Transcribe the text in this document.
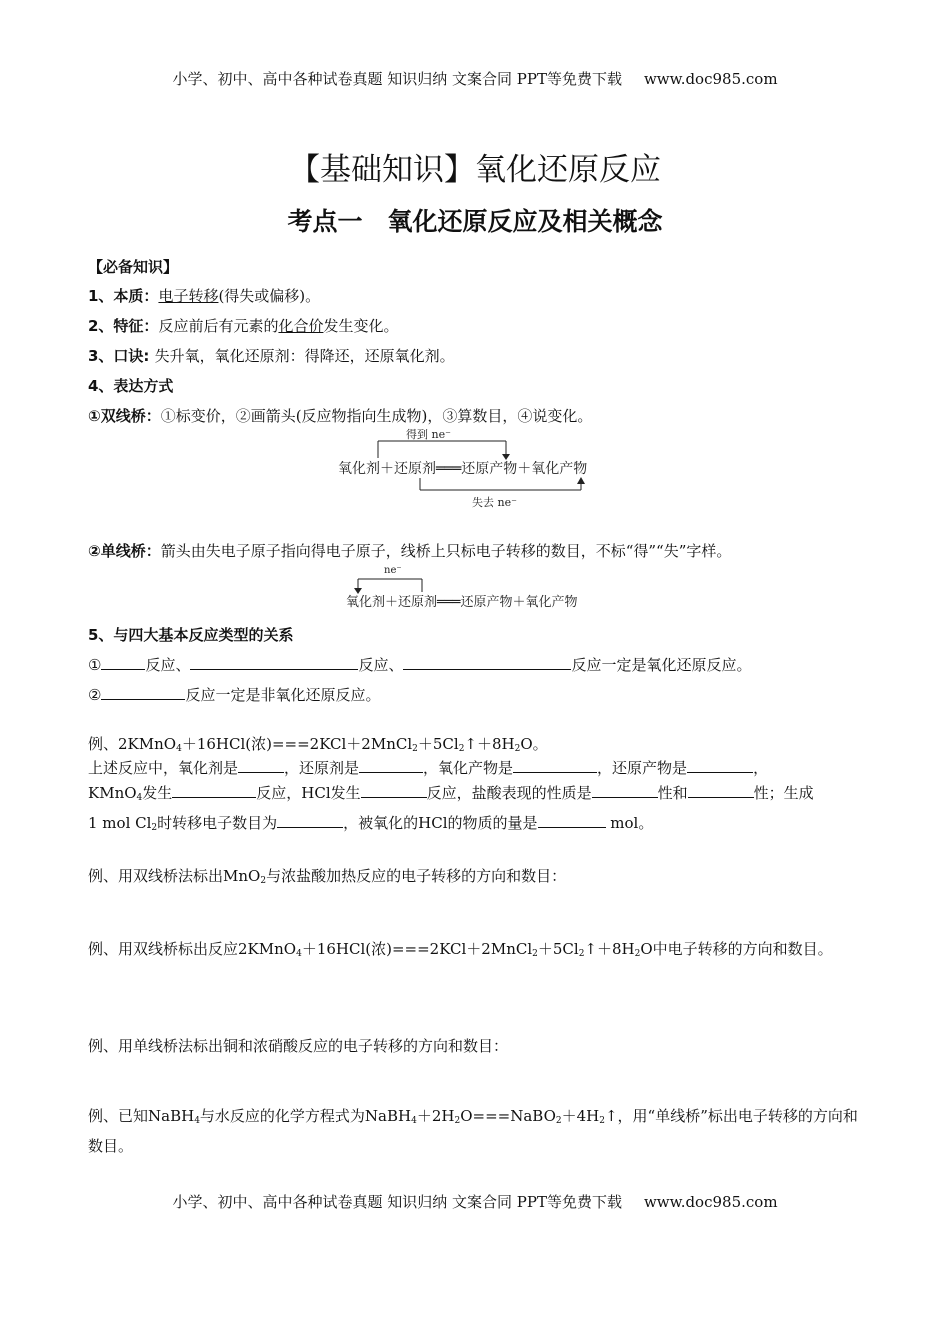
小学、初中、高中各种试卷真题 知识归纳 文案合同 PPT等免费下载 www.doc985.com
【基础知识】氧化还原反应
考点一　氧化还原反应及相关概念
【必备知识】
1、本质：电子转移(得失或偏移)。
2、特征：反应前后有元素的化合价发生变化。
3、口诀: 失升氧，氧化还原剂：得降还，还原氧化剂。
4、表达方式
①双线桥：①标变价，②画箭头(反应物指向生成物)，③算数目，④说变化。
得到 ne⁻
氧化剂＋还原剂═══还原产物＋氧化产物
失去 ne⁻
②单线桥：箭头由失电子原子指向得电子原子，线桥上只标电子转移的数目，不标“得”“失”字样。
ne⁻
氧化剂＋还原剂═══还原产物＋氧化产物
5、与四大基本反应类型的关系
①	反应、	反应、	反应一定是氧化还原反应。
②	反应一定是非氧化还原反应。
例、2KMnO$_4$＋16HCl(浓)$===2KCl+2MnCl_2+5Cl_2↑+8H_2O$。
上述反应中，氧化剂是	，还原剂是	，氧化产物是	，还原产物是	，
KMnO$_4$发生	反应，HCl发生	反应，盐酸表现的性质是	性和	性；生成
1 mol $Cl_2$时转移电子数目为	，被氧化的HCl的物质的量是	mol。
例、用双线桥法标出MnO$_2$与浓盐酸加热反应的电子转移的方向和数目：
例、用双线桥标出反应2KMnO$_4$＋16HCl(浓)$===2KCl+2MnCl_2+5Cl_2↑+8H_2O$中电子转移的方向和数目。
例、用单线桥法标出铜和浓硝酸反应的电子转移的方向和数目：
例、已知NaBH$_4$与水反应的化学方程式为$NaBH_4+2H_2O===NaBO_2+4H_2↑$，用“单线桥”标出电子转移的方向和数目。
小学、初中、高中各种试卷真题 知识归纳 文案合同 PPT等免费下载 www.doc985.com
